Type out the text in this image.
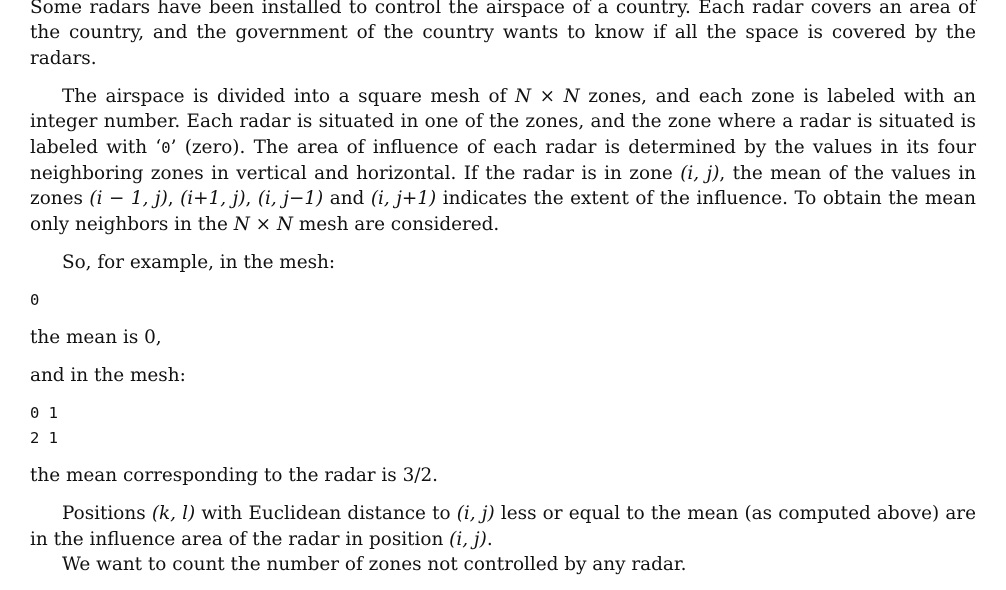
Some radars have been installed to control the airspace of a country. Each radar covers an area of the country, and the government of the country wants to know if all the space is covered by the radars.

The airspace is divided into a square mesh of N × N zones, and each zone is labeled with an integer number. Each radar is situated in one of the zones, and the zone where a radar is situated is labeled with ‘0’ (zero). The area of influence of each radar is determined by the values in its four neighboring zones in vertical and horizontal. If the radar is in zone (i, j), the mean of the values in zones (i − 1, j), (i+1, j), (i, j−1) and (i, j+1) indicates the extent of the influence. To obtain the mean only neighbors in the N × N mesh are considered.

So, for example, in the mesh:

0

the mean is 0,

and in the mesh:

0 1
2 1

the mean corresponding to the radar is 3/2.

Positions (k, l) with Euclidean distance to (i, j) less or equal to the mean (as computed above) are in the influence area of the radar in position (i, j).

We want to count the number of zones not controlled by any radar.
